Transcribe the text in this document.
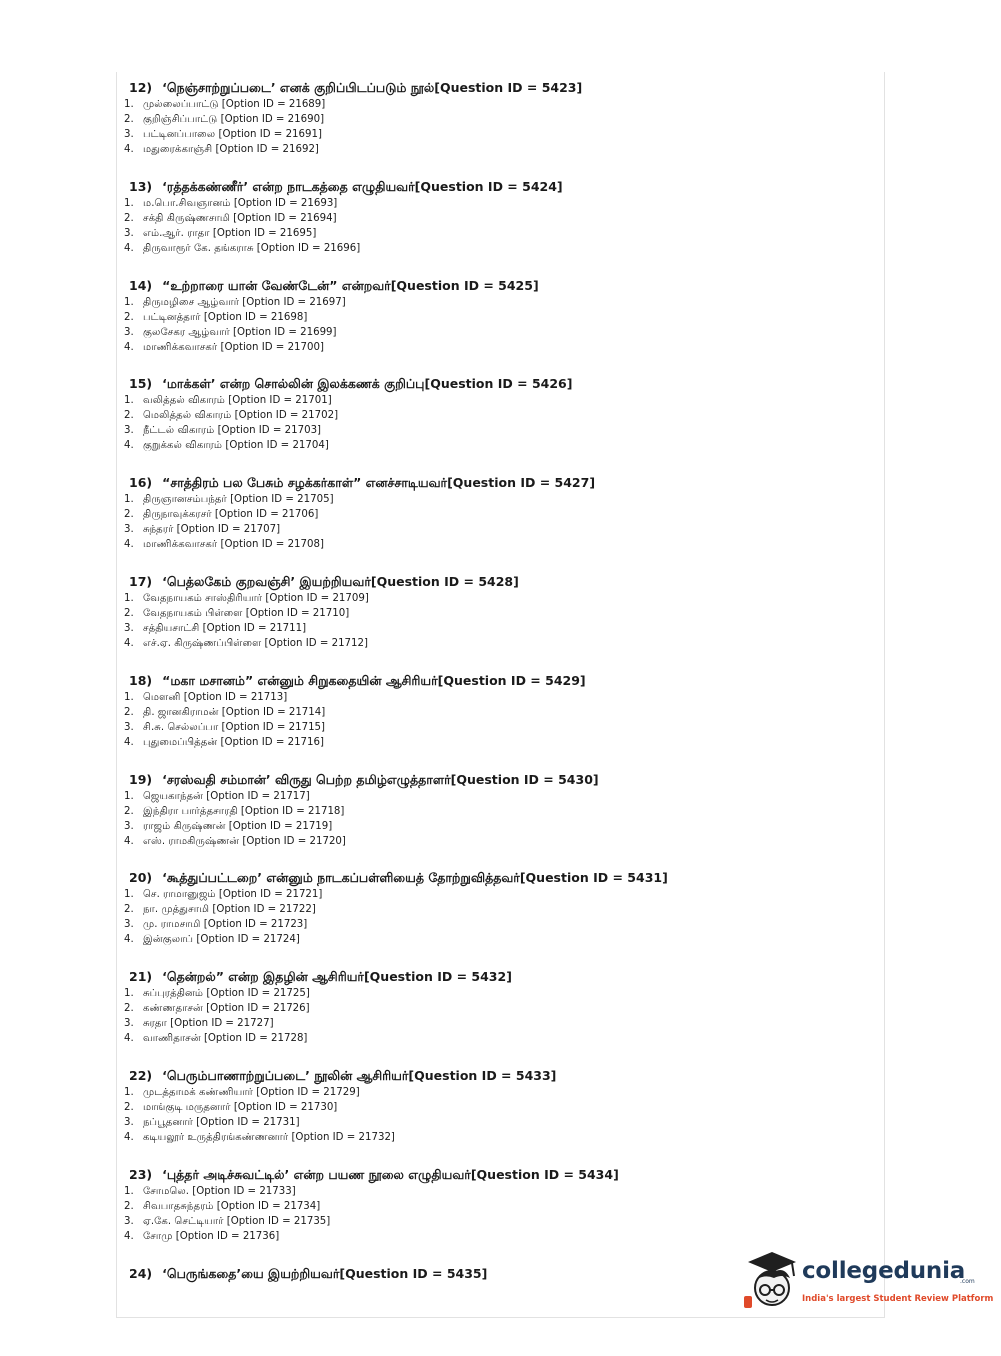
12) ‘நெஞ்சாற்றுப்படை’ எனக் குறிப்பிடப்படும் நூல்[Question ID = 5423]
1. முல்லைப்பாட்டு [Option ID = 21689]
2. குறிஞ்சிப்பாட்டு [Option ID = 21690]
3. பட்டினப்பாலை [Option ID = 21691]
4. மதுரைக்காஞ்சி [Option ID = 21692]
13) ‘ரத்தக்கண்ணீர்’ என்ற நாடகத்தை எழுதியவர்[Question ID = 5424]
1. ம.பொ.சிவஞானம் [Option ID = 21693]
2. சக்தி கிருஷ்ணசாமி [Option ID = 21694]
3. எம்.ஆர். ராதா [Option ID = 21695]
4. திருவாரூர் கே. தங்கராசு [Option ID = 21696]
14) “உற்றாரை யான் வேண்டேன்” என்றவர்[Question ID = 5425]
1. திருமழிசை ஆழ்வார் [Option ID = 21697]
2. பட்டினத்தார் [Option ID = 21698]
3. குலசேகர ஆழ்வார் [Option ID = 21699]
4. மாணிக்கவாசகர் [Option ID = 21700]
15) ‘மாக்கள்’ என்ற சொல்லின் இலக்கணக் குறிப்பு[Question ID = 5426]
1. வலித்தல் விகாரம் [Option ID = 21701]
2. மெலித்தல் விகாரம் [Option ID = 21702]
3. நீட்டல் விகாரம் [Option ID = 21703]
4. குறுக்கல் விகாரம் [Option ID = 21704]
16) “சாத்திரம் பல பேசும் சழக்கர்காள்” எனச்சாடியவர்[Question ID = 5427]
1. திருஞானசம்பந்தர் [Option ID = 21705]
2. திருநாவுக்கரசர் [Option ID = 21706]
3. சுந்தரர் [Option ID = 21707]
4. மாணிக்கவாசகர் [Option ID = 21708]
17) ‘பெத்லகேம் குறவஞ்சி’ இயற்றியவர்[Question ID = 5428]
1. வேதநாயகம் சாஸ்திரியார் [Option ID = 21709]
2. வேதநாயகம் பிள்ளை [Option ID = 21710]
3. சத்தியசாட்சி [Option ID = 21711]
4. எச்.ஏ. கிருஷ்ணப்பிள்ளை [Option ID = 21712]
18) “மகா மசானம்” என்னும் சிறுகதையின் ஆசிரியர்[Question ID = 5429]
1. மௌனி [Option ID = 21713]
2. தி. ஜானகிராமன் [Option ID = 21714]
3. சி.சு. செல்லப்பா [Option ID = 21715]
4. புதுமைப்பித்தன் [Option ID = 21716]
19) ‘சரஸ்வதி சம்மான்’ விருது பெற்ற தமிழ்எழுத்தாளர்[Question ID = 5430]
1. ஜெயகாந்தன் [Option ID = 21717]
2. இந்திரா பார்த்தசாரதி [Option ID = 21718]
3. ராஜம் கிருஷ்ணன் [Option ID = 21719]
4. எஸ். ராமகிருஷ்ணன் [Option ID = 21720]
20) ‘கூத்துப்பட்டறை’ என்னும் நாடகப்பள்ளியைத் தோற்றுவித்தவர்[Question ID = 5431]
1. செ. ராமானுஜம் [Option ID = 21721]
2. நா. முத்துசாமி [Option ID = 21722]
3. மு. ராமசாமி [Option ID = 21723]
4. இன்குலாப் [Option ID = 21724]
21) ‘தென்றல்” என்ற இதழின் ஆசிரியர்[Question ID = 5432]
1. சுப்புரத்தினம் [Option ID = 21725]
2. கண்ணதாசன் [Option ID = 21726]
3. சுரதா [Option ID = 21727]
4. வாணிதாசன் [Option ID = 21728]
22) ‘பெரும்பாணாற்றுப்படை’ நூலின் ஆசிரியர்[Question ID = 5433]
1. முடத்தாமக் கண்ணியார் [Option ID = 21729]
2. மாங்குடி மருதனார் [Option ID = 21730]
3. நப்பூதனார் [Option ID = 21731]
4. கடியலூர் உருத்திரங்கண்ணனார் [Option ID = 21732]
23) ‘புத்தர் அடிச்சுவட்டில்’ என்ற பயண நூலை எழுதியவர்[Question ID = 5434]
1. சோமலெ. [Option ID = 21733]
2. சிவபாதசுந்தரம் [Option ID = 21734]
3. ஏ.கே. செட்டியார் [Option ID = 21735]
4. சோமு [Option ID = 21736]
24) ‘பெருங்கதை’யை இயற்றியவர்[Question ID = 5435]	collegedunia
.com
India's largest Student Review Platform
